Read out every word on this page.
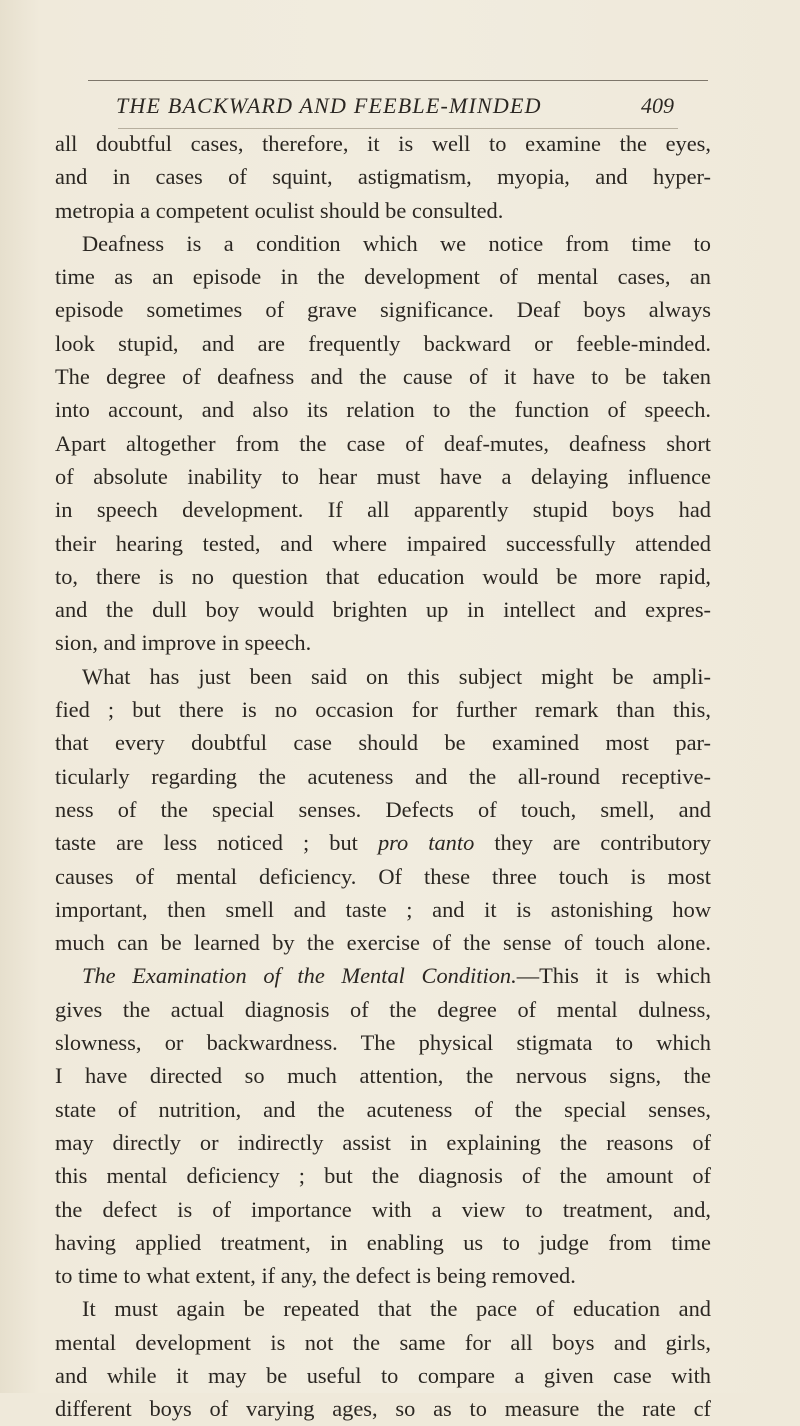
THE BACKWARD AND FEEBLE-MINDED	409
all doubtful cases, therefore, it is well to examine the eyes,
and in cases of squint, astigmatism, myopia, and hyper-
metropia a competent oculist should be consulted.
Deafness is a condition which we notice from time to
time as an episode in the development of mental cases, an
episode sometimes of grave significance. Deaf boys always
look stupid, and are frequently backward or feeble-minded.
The degree of deafness and the cause of it have to be taken
into account, and also its relation to the function of speech.
Apart altogether from the case of deaf-mutes, deafness short
of absolute inability to hear must have a delaying influence
in speech development. If all apparently stupid boys had
their hearing tested, and where impaired successfully attended
to, there is no question that education would be more rapid,
and the dull boy would brighten up in intellect and expres-
sion, and improve in speech.
What has just been said on this subject might be ampli-
fied ; but there is no occasion for further remark than this,
that every doubtful case should be examined most par-
ticularly regarding the acuteness and the all-round receptive-
ness of the special senses. Defects of touch, smell, and
taste are less noticed ; but pro tanto they are contributory
causes of mental deficiency. Of these three touch is most
important, then smell and taste ; and it is astonishing how
much can be learned by the exercise of the sense of touch alone.
The Examination of the Mental Condition.—This it is which
gives the actual diagnosis of the degree of mental dulness,
slowness, or backwardness. The physical stigmata to which
I have directed so much attention, the nervous signs, the
state of nutrition, and the acuteness of the special senses,
may directly or indirectly assist in explaining the reasons of
this mental deficiency ; but the diagnosis of the amount of
the defect is of importance with a view to treatment, and,
having applied treatment, in enabling us to judge from time
to time to what extent, if any, the defect is being removed.
It must again be repeated that the pace of education and
mental development is not the same for all boys and girls,
and while it may be useful to compare a given case with
different boys of varying ages, so as to measure the rate cf
